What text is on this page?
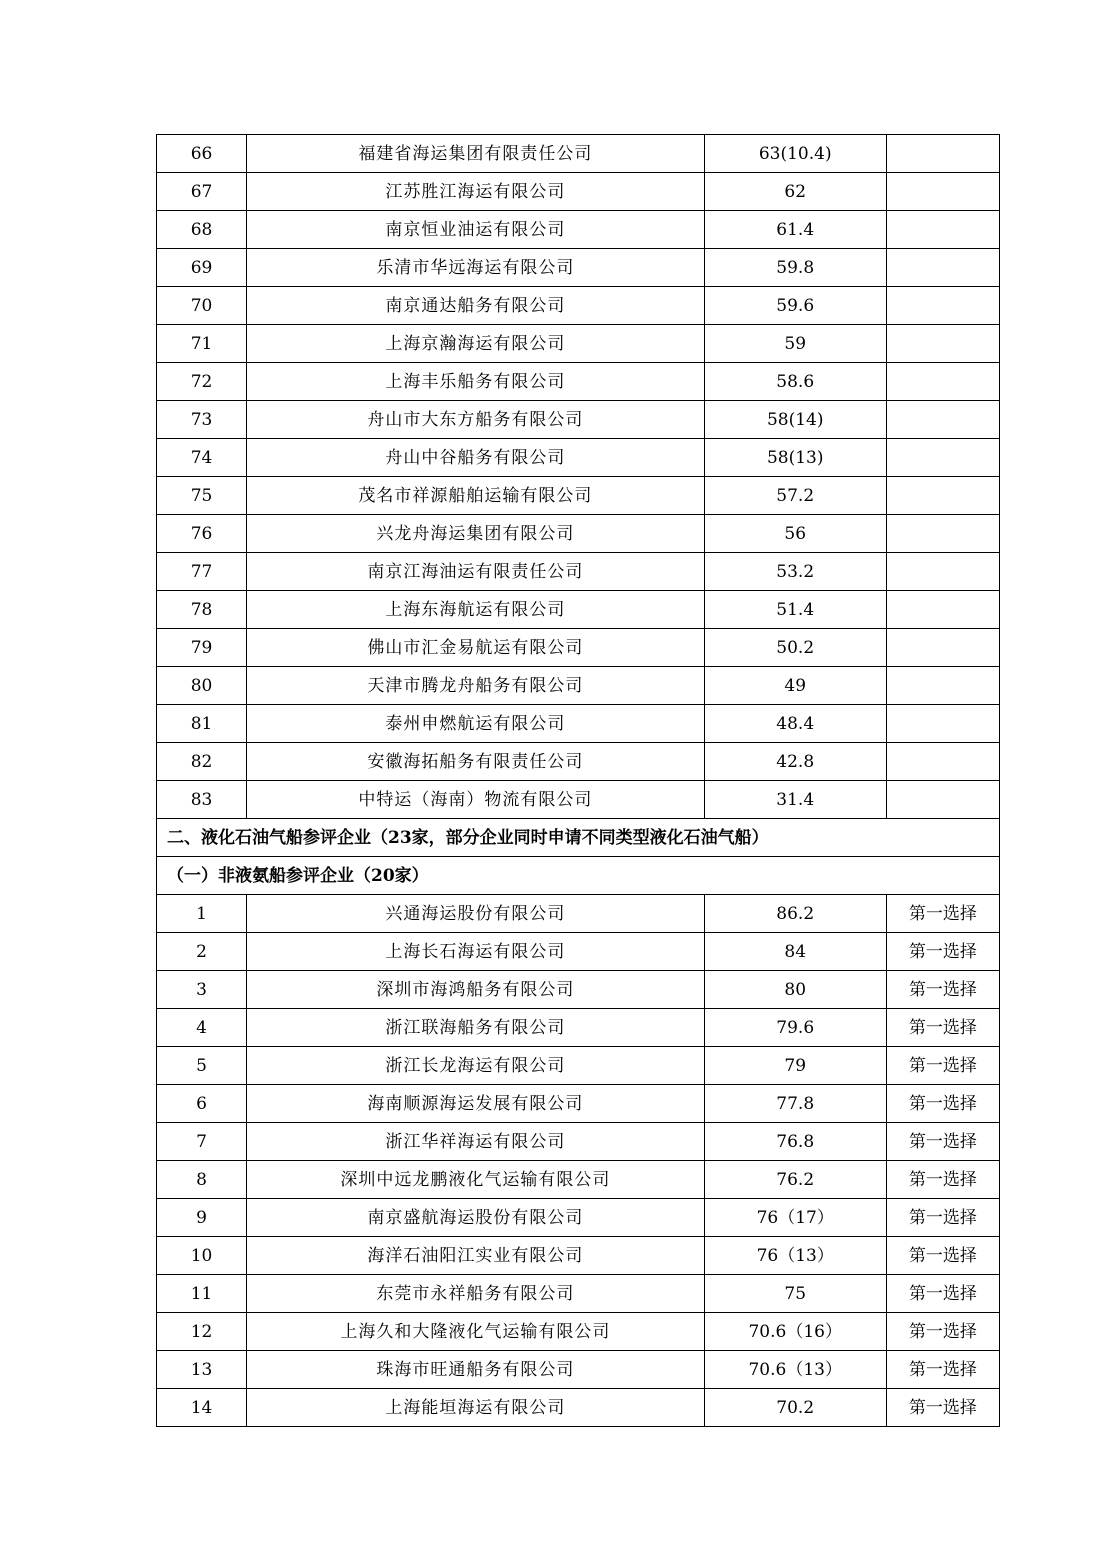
66	福建省海运集团有限责任公司	63(10.4)	
67	江苏胜江海运有限公司	62	
68	南京恒业油运有限公司	61.4	
69	乐清市华远海运有限公司	59.8	
70	南京通达船务有限公司	59.6	
71	上海京瀚海运有限公司	59	
72	上海丰乐船务有限公司	58.6	
73	舟山市大东方船务有限公司	58(14)	
74	舟山中谷船务有限公司	58(13)	
75	茂名市祥源船舶运输有限公司	57.2	
76	兴龙舟海运集团有限公司	56	
77	南京江海油运有限责任公司	53.2	
78	上海东海航运有限公司	51.4	
79	佛山市汇金易航运有限公司	50.2	
80	天津市腾龙舟船务有限公司	49	
81	泰州申燃航运有限公司	48.4	
82	安徽海拓船务有限责任公司	42.8	
83	中特运（海南）物流有限公司	31.4	
二、液化石油气船参评企业（23家，部分企业同时申请不同类型液化石油气船）			
（一）非液氨船参评企业（20家）			
1	兴通海运股份有限公司	86.2	第一选择
2	上海长石海运有限公司	84	第一选择
3	深圳市海鸿船务有限公司	80	第一选择
4	浙江联海船务有限公司	79.6	第一选择
5	浙江长龙海运有限公司	79	第一选择
6	海南顺源海运发展有限公司	77.8	第一选择
7	浙江华祥海运有限公司	76.8	第一选择
8	深圳中远龙鹏液化气运输有限公司	76.2	第一选择
9	南京盛航海运股份有限公司	76（17）	第一选择
10	海洋石油阳江实业有限公司	76（13）	第一选择
11	东莞市永祥船务有限公司	75	第一选择
12	上海久和大隆液化气运输有限公司	70.6（16）	第一选择
13	珠海市旺通船务有限公司	70.6（13）	第一选择
14	上海能垣海运有限公司	70.2	第一选择
